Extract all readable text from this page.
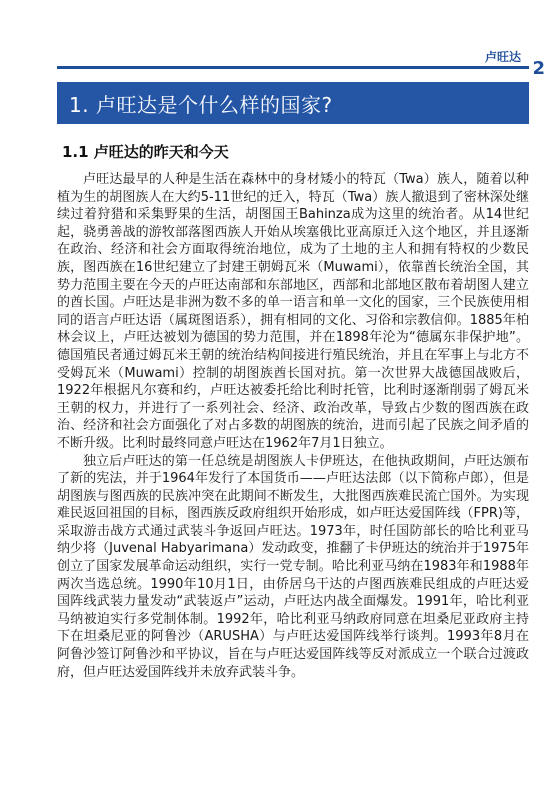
卢旺达
2
1. 卢旺达是个什么样的国家?
1.1 卢旺达的昨天和今天

卢旺达最早的人种是生活在森林中的身材矮小的特瓦（Twa）族人，随着以种植为生的胡图族人在大约5-11世纪的迁入，特瓦（Twa）族人撤退到了密林深处继续过着狩猎和采集野果的生活，胡图国王Bahinza成为这里的统治者。从14世纪起，骁勇善战的游牧部落图西族人开始从埃塞俄比亚高原迁入这个地区，并且逐渐在政治、经济和社会方面取得统治地位，成为了土地的主人和拥有特权的少数民族，图西族在16世纪建立了封建王朝姆瓦米（Muwami），依靠酋长统治全国，其势力范围主要在今天的卢旺达南部和东部地区，西部和北部地区散布着胡图人建立的酋长国。卢旺达是非洲为数不多的单一语言和单一文化的国家，三个民族使用相同的语言卢旺达语（属斑图语系），拥有相同的文化、习俗和宗教信仰。1885年柏林会议上，卢旺达被划为德国的势力范围，并在1898年沦为“德属东非保护地”。德国殖民者通过姆瓦米王朝的统治结构间接进行殖民统治，并且在军事上与北方不受姆瓦米（Muwami）控制的胡图族酋长国对抗。第一次世界大战德国战败后，1922年根据凡尔赛和约，卢旺达被委托给比利时托管，比利时逐渐削弱了姆瓦米王朝的权力，并进行了一系列社会、经济、政治改革，导致占少数的图西族在政治、经济和社会方面强化了对占多数的胡图族的统治，进而引起了民族之间矛盾的不断升级。比利时最终同意卢旺达在1962年7月1日独立。

独立后卢旺达的第一任总统是胡图族人卡伊班达，在他执政期间，卢旺达颁布了新的宪法，并于1964年发行了本国货币——卢旺达法郎（以下简称卢郎），但是胡图族与图西族的民族冲突在此期间不断发生，大批图西族难民流亡国外。为实现难民返回祖国的目标，图西族反政府组织开始形成，如卢旺达爱国阵线（FPR)等，采取游击战方式通过武装斗争返回卢旺达。1973年，时任国防部长的哈比利亚马纳少将（Juvenal Habyarimana）发动政变，推翻了卡伊班达的统治并于1975年创立了国家发展革命运动组织，实行一党专制。哈比利亚马纳在1983年和1988年两次当选总统。1990年10月1日，由侨居乌干达的卢图西族难民组成的卢旺达爱国阵线武装力量发动“武装返卢”运动，卢旺达内战全面爆发。1991年，哈比利亚马纳被迫实行多党制体制。1992年，哈比利亚马纳政府同意在坦桑尼亚政府主持下在坦桑尼亚的阿鲁沙（ARUSHA）与卢旺达爱国阵线举行谈判。1993年8月在阿鲁沙签订阿鲁沙和平协议，旨在与卢旺达爱国阵线等反对派成立一个联合过渡政府，但卢旺达爱国阵线并未放弃武装斗争。
